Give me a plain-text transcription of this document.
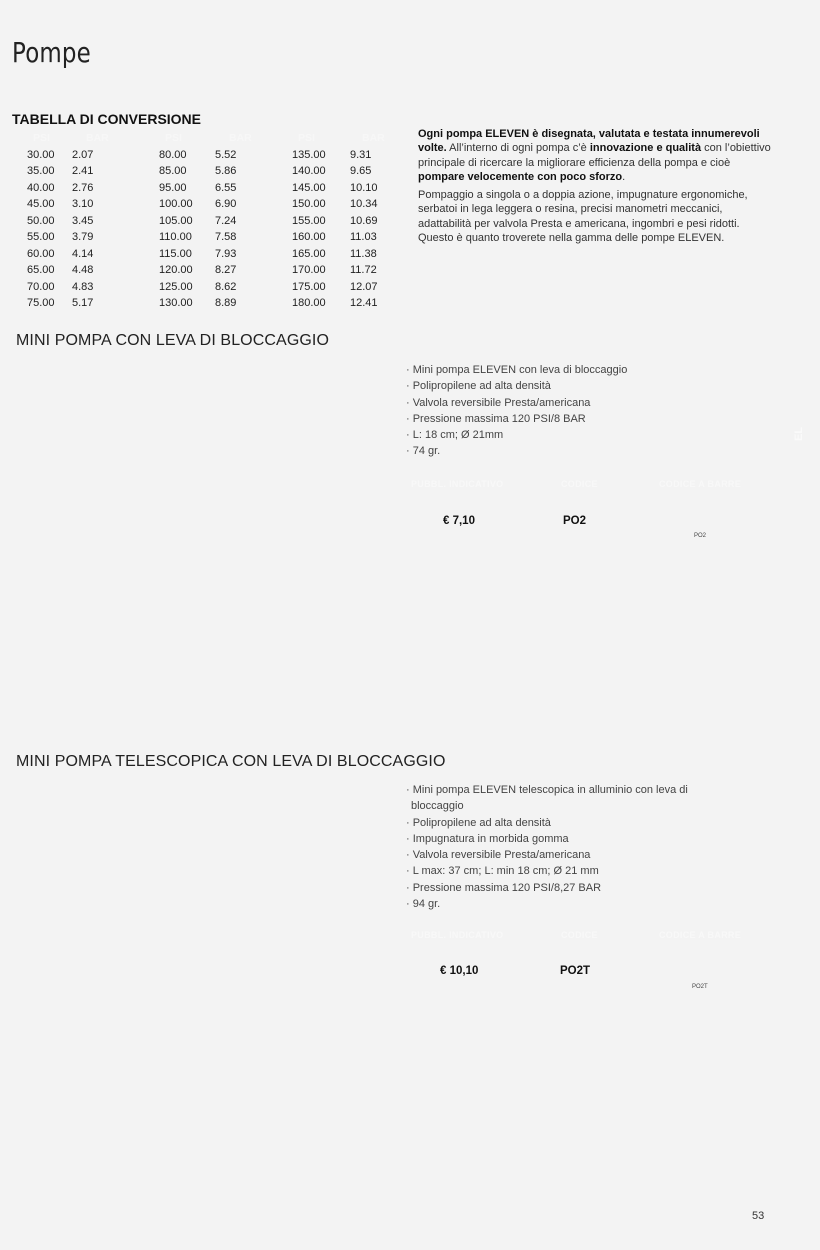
Pompe
TABELLA DI CONVERSIONE
PSI	BAR
30.00 2.07
35.00 2.41
40.00 2.76
45.00 3.10
50.00 3.45
55.00 3.79
60.00 4.14
65.00 4.48
70.00 4.83
75.00 5.17
PSI	BAR
80.00	5.52
85.00	5.86
95.00	6.55
100.00 6.90
105.00 7.24
110.00 7.58
115.00 7.93
120.00 8.27
125.00 8.62
130.00 8.89
PSI	BAR
135.00 9.31
140.00 9.65
145.00 10.10
150.00 10.34
155.00 10.69
160.00 11.03
165.00 11.38
170.00 11.72
175.00 12.07
180.00 12.41

Ogni pompa ELEVEN è disegnata, valutata e testata innumerevoli volte. All’interno di ogni pompa c’è innovazione e qualità con l’obiettivo principale di ricercare la migliorare efficienza della pompa e cioè pompare velocemente con poco sforzo.

Pompaggio a singola o a doppia azione, impugnature ergonomiche, serbatoi in lega leggera o resina, precisi manometri meccanici, adattabilità per valvola Presta e americana, ingombri e pesi ridotti.

Questo è quanto troverete nella gamma delle pompe ELEVEN.

EL
MINI POMPA CON LEVA DI BLOCCAGGIO
· Mini pompa ELEVEN con leva di bloccaggio
· Polipropilene ad alta densità
· Valvola reversibile Presta/americana
· Pressione massima 120 PSI/8 BAR
· L: 18 cm; Ø 21mm
· 74 gr.
PUBBL. INDICATIVO	CODICE	CODICE A BARRE
€ 7,10	PO2
PO2
MINI POMPA TELESCOPICA CON LEVA DI BLOCCAGGIO
· Mini pompa ELEVEN telescopica in alluminio con leva di bloccaggio
· Polipropilene ad alta densità
· Impugnatura in morbida gomma
· Valvola reversibile Presta/americana
· L max: 37 cm; L: min 18 cm; Ø 21 mm
· Pressione massima 120 PSI/8,27 BAR
· 94 gr.
PUBBL. INDICATIVO	CODICE	CODICE A BARRE
€ 10,10	PO2T
PO2T
53
